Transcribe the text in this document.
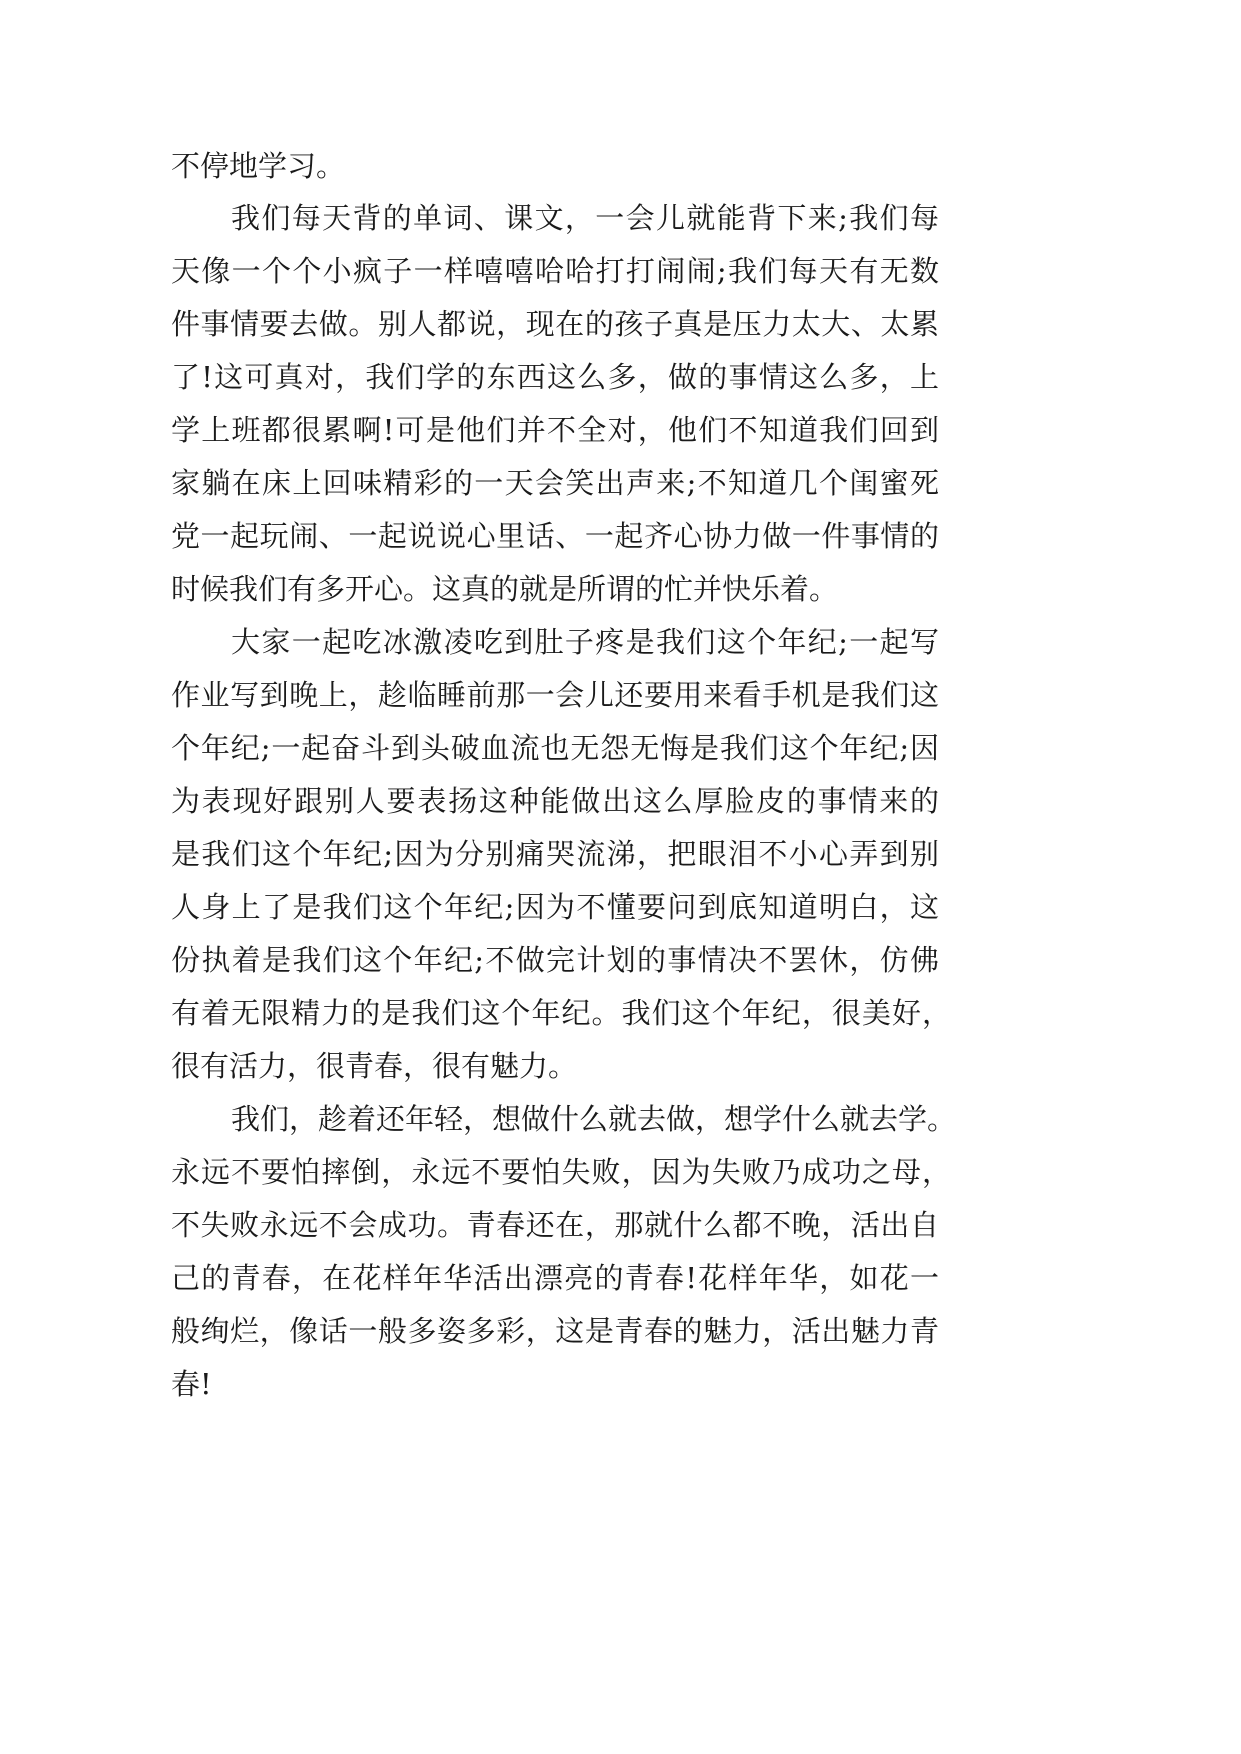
不停地学习。
我们每天背的单词、课文，一会儿就能背下来;我们每
天像一个个小疯子一样嘻嘻哈哈打打闹闹;我们每天有无数
件事情要去做。别人都说，现在的孩子真是压力太大、太累
了!这可真对，我们学的东西这么多，做的事情这么多，上
学上班都很累啊!可是他们并不全对，他们不知道我们回到
家躺在床上回味精彩的一天会笑出声来;不知道几个闺蜜死
党一起玩闹、一起说说心里话、一起齐心协力做一件事情的
时候我们有多开心。这真的就是所谓的忙并快乐着。
大家一起吃冰激凌吃到肚子疼是我们这个年纪;一起写
作业写到晚上，趁临睡前那一会儿还要用来看手机是我们这
个年纪;一起奋斗到头破血流也无怨无悔是我们这个年纪;因
为表现好跟别人要表扬这种能做出这么厚脸皮的事情来的
是我们这个年纪;因为分别痛哭流涕，把眼泪不小心弄到别
人身上了是我们这个年纪;因为不懂要问到底知道明白，这
份执着是我们这个年纪;不做完计划的事情决不罢休，仿佛
有着无限精力的是我们这个年纪。我们这个年纪，很美好，
很有活力，很青春，很有魅力。
我们，趁着还年轻，想做什么就去做，想学什么就去学。
永远不要怕摔倒，永远不要怕失败，因为失败乃成功之母，
不失败永远不会成功。青春还在，那就什么都不晚，活出自
己的青春，在花样年华活出漂亮的青春!花样年华，如花一
般绚烂，像话一般多姿多彩，这是青春的魅力，活出魅力青
春!
